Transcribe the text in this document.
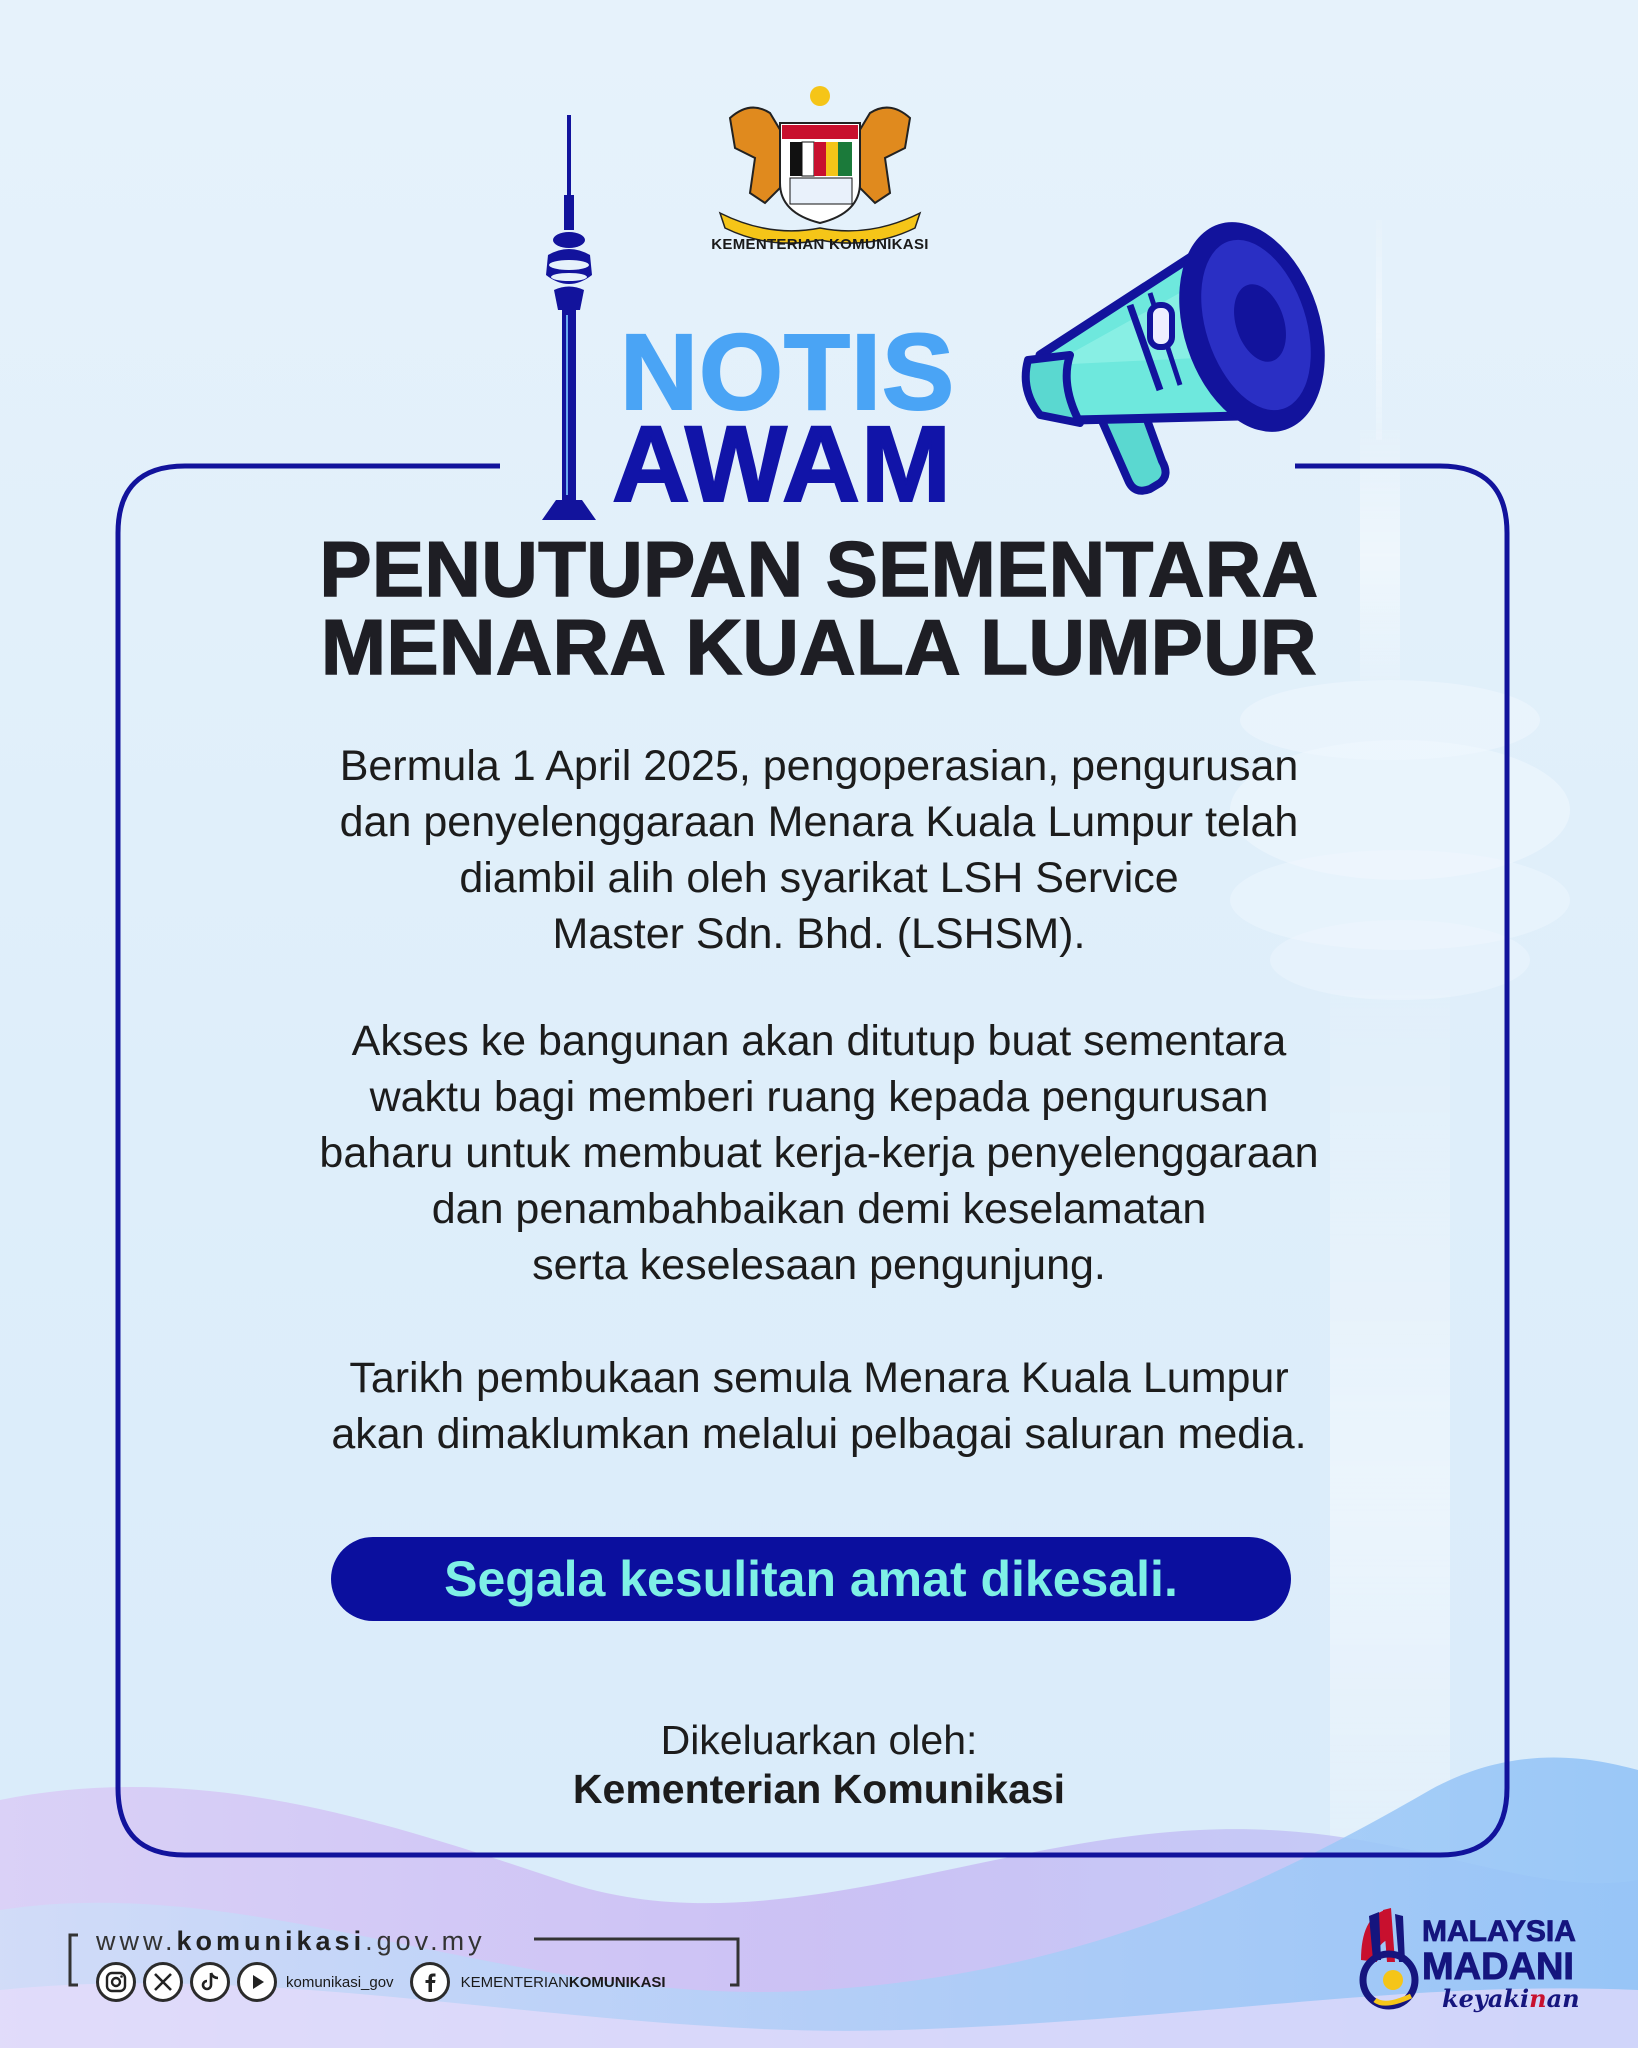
KEMENTERIAN KOMUNIKASI
NOTIS
AWAM
PENUTUPAN SEMENTARA
MENARA KUALA LUMPUR
Bermula 1 April 2025, pengoperasian, pengurusan
dan penyelenggaraan Menara Kuala Lumpur telah
diambil alih oleh syarikat LSH Service
Master Sdn. Bhd. (LSHSM).
Akses ke bangunan akan ditutup buat sementara
waktu bagi memberi ruang kepada pengurusan
baharu untuk membuat kerja-kerja penyelenggaraan
dan penambahbaikan demi keselamatan
serta keselesaan pengunjung.
Tarikh pembukaan semula Menara Kuala Lumpur
akan dimaklumkan melalui pelbagai saluran media.
Segala kesulitan amat dikesali.
Dikeluarkan oleh:
Kementerian Komunikasi
www.komunikasi.gov.my
komunikasi_gov	KEMENTERIANKOMUNIKASI
MALAYSIA
MADANI
keyakinan
